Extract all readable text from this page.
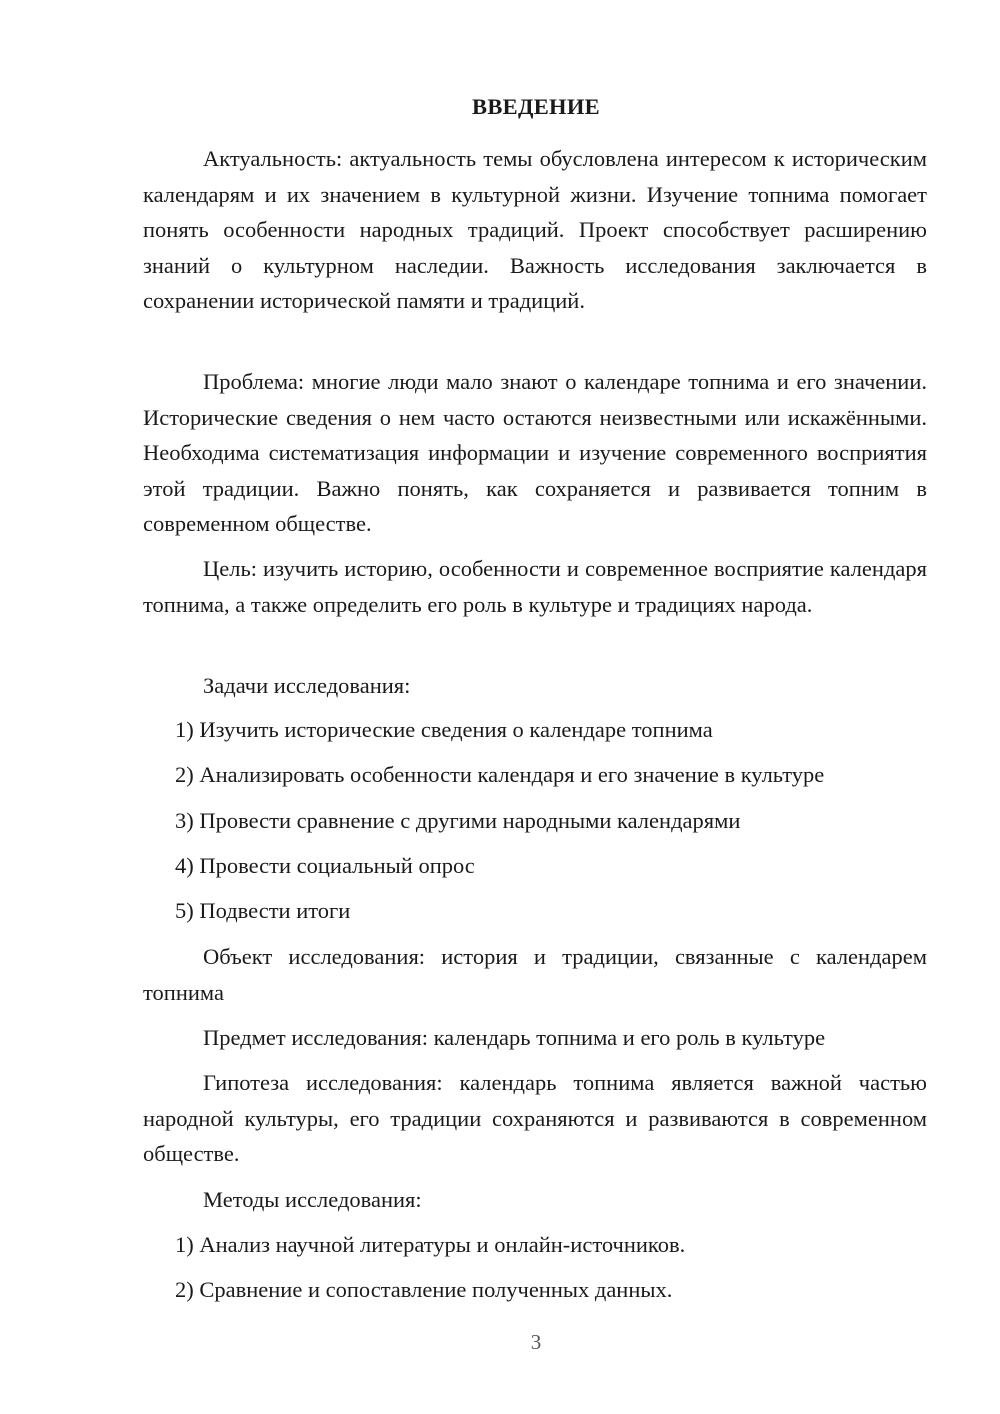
ВВЕДЕНИЕ

Актуальность: актуальность темы обусловлена интересом к историческим календарям и их значением в культурной жизни. Изучение топнима помогает понять особенности народных традиций. Проект способствует расширению знаний о культурном наследии. Важность исследования заключается в сохранении исторической памяти и традиций.

Проблема: многие люди мало знают о календаре топнима и его значении. Исторические сведения о нем часто остаются неизвестными или искажёнными. Необходима систематизация информации и изучение современного восприятия этой традиции. Важно понять, как сохраняется и развивается топним в современном обществе.

Цель: изучить историю, особенности и современное восприятие календаря топнима, а также определить его роль в культуре и традициях народа.

Задачи исследования:

1) Изучить исторические сведения о календаре топнима
2) Анализировать особенности календаря и его значение в культуре
3) Провести сравнение с другими народными календарями
4) Провести социальный опрос
5) Подвести итоги

Объект исследования: история и традиции, связанные с календарем топнима

Предмет исследования: календарь топнима и его роль в культуре

Гипотеза исследования: календарь топнима является важной частью народной культуры, его традиции сохраняются и развиваются в современном обществе.

Методы исследования:

1) Анализ научной литературы и онлайн-источников.
2) Сравнение и сопоставление полученных данных.
3
